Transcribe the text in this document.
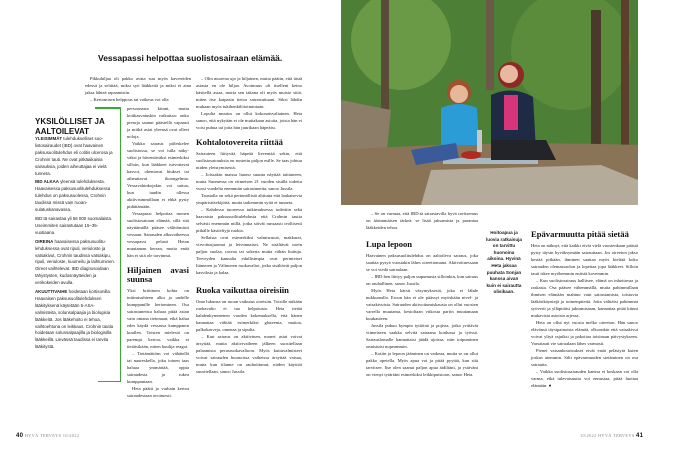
Vessapassi helpottaa suolistosairaan elämää.

Pikkuhiljaa oli pakko avata suu myös kavereiden edessä ja selittää, miksi syö lääkkeitä ja miksi ei aina jaksa lähteä rapaamisiin.

– Kertomisen helppous tai vaikeus voi olla

YKSILÖLLISET JA AALTOILEVAT

YLEISIMMÄT tulehdukselliset suolistosairaudet (IBD) ovat haavainen paksusuolitulehdus eli colitis ulcerosa ja Crohnin tauti. Ne ovat pitkäaikaisia sairauksia, joiden aiheuttajaa ei vielä tunneta.

IBD ALKAA yleensä tulehduksesta. Haavaisessa paksusuolitulehduksessa tulehdus on paksusuolessa, Crohnin taudissa missä vain ruoansulatuskanavassa.

IBD:tä sairastaa yli 56 000 suomalaista. Useimmiten sairastutaan 15–35-vuotiaana.

OIREINA haavaisessa paksusuolitulehduksessa ovat ripuli, veriuloste ja vatsakivut, Crohnin taudissa vatsakipu, ripuli, veriuloste, kuumeilu ja laihtuminen. Oireet vaihtelevat. IBD diagnosoidaan tähystysten, kudosnäytteiden ja verikokeiden avulla.

AKUUTTIVAIHE hoidetaan kortisonilla. Haavaisen paksusuolitulehduksen lääkityksenä käytetään 5-ASA-valmisteita, solunsalpaajia ja biologisia lääkkeitä. Jos lääkehoito ei tehoa, vaihtoehtona on leikkaus. Crohnin tautia hoidetaan solunsalpaajilla ja biologisilla lääkkeillä. Lievässä taudissa ei tarvita lääkitystä.

persoonasta kiinni, mutta kotikasvatuskin vaikuttaa: onko pieruja saanut päästellä vapaasti ja mitkä asiat yleensä ovat olleet noloja.

Vaikka sairaus piileskelee suolistossa, se voi tulla näkyväksi ja häventäväksi esimerkiksi silloin, kun lääkkeet turvottavat kasvot, ohentavat hiukset tai aiheuttavat ihoongelmia. Vessavahinkojakin voi sattua, kun taudin ollessa aktiivisimmillaan ei ehkä pysty pidättämään.

Vessapassi helpottaa monen suolistosairaan elämää, sillä sitä näyttämällä pääsee välittömästi vessaan. Sairauden alkuvaiheessa vessapassi pelasti Hetan muutaman kerran, mutta enää hän ei sitä ole tarvinnut.

Hiljainen avasi suunsa

Yksi kriittinen kohta on intiimisuhteen alku ja uudelle kumppanille kertominen. Osa sairastuneista haluaa pitää asian vain omana tietonaan, eikä halua edes käydä vessassa kumppanin kuullen. Toisten mielestä on parempi kertoa, vaikka ei tietäisikään, miten kuulija reagoi.

– Tietämättöm voi vähätellä tai naureskella, joku toinen taas haluaa ymmärtää, oppia sairaudesta ja tukea kumppaniaan.

Heta päätti jo varhain kertoa sairaudestaan avoimesti.

– Olin nuorena ujo ja hiljainen, mutta päätin, että tästä asiasta en ole hiljaa. Avoimuus oli itselleni keino käsitellä asiaa, mutta sen takana oli myös muisto siitä, miten itse kaipasin tietoa sairastuttuani. Siksi lähdin mukaan myös tukihenkilötoimintaan.

Lopulta muutos on ollut kokonaisvaltainen. Heta sanoo, että nykyään ei ole muitakaan asioita, joista hän ei voisi puhua tai joita hän juurikaan häpeäisi.

Kohtalotovereita riittää

Sairauteen liittyvää häpeää lieventää sekin, että suolistosairauksia on nostettu paljon esille. Se taas johtuu niiden yleistymisestä.

– Joissakin maissa huono suunta näyttää taittuneen, mutta Suomessa on viimeisen 21 vuoden sisällä todettu vuosi vuodelta enemmän sairastuneita, sanoo Jussila.

Taustalla on sekä perinnöllistä alttiutta että laukaisevia ympäristötekijöitä, mutta tarkemmin syitä ei tunneta.

– Kahdessa tuoreessa tutkimuksessa todettiin sekä haavaista paksusuolitulehdusta että Crohnin tautia selvästi enemmän niillä, jotka söivät runsaasti teollisesti pitkälle käsiteltyjä ruokia.

Sellaisia ovat esimerkiksi valmisruoat, makkarat, virvoitusjuomat ja leivonnaiset. Ne sisältävät usein paljon suolaa, rasvaa tai sokeria mutta vähän kuituja. Terveyden kannalta edullisimpia ovat perinteiset Itämeren ja Välimeren ruokavaliot, jotka sisältävät paljon kasviksia ja kalaa.

Ruoka vaikuttaa oireisiin

Oma lukunsa on ruoan vaikutus oireisiin. Toisille mikään ruokavalio ei tuo helpotusta. Heta tietää kahdenkymmenen vuoden kokemuksella, että hänen kannattaa välttää esimerkiksi gluteenia, maitoa, palkokasveja, omenaa ja sipulia.

– Kun sairaus on aktiivinen, monet asiat voivat ärsyttää, mutta aktiivivaiheen jälkeen suositellaan palaamista perusruokavalioon. Myös kuituvalmisteet voivat sairauden huonoissa vaiheissa ärsyttää vatsaa, mutta kun tilanne on rauhoittunut, niiden käyttöä suositellaan, sanoo Jussila.

40 HYVÄ TERVEYS 10/2022

– Se on varmaa, että IBD:tä sairastavilla hyvä ravitsemus on äärimmäisen tärkeä: se lisää jaksamista ja parantaa lääkkeiden tehoa.

Lupa lepoon

Haavainen paksusuolitulehdus on aaltoileva sairaus, joka saattaa pysyä vuosiakin lähes oireettomana. Aktivoituessaan se voi viedä sairaalaan.

– IBD:hen liittyy paljon uupumusta silloinkin, kun sairaus on rauhallinen, sanoo Jussila.

Myös Heta kärsii väsymyksestä, joka ei lähde nukkumalla. Eroon hän ei ole päässyt myöskään nivel- ja vatsakivuista. Sairauden aktivoitumiskausia on ollut vuosien varrella muutama, kestoltaan viikosta pariin muutamaan kuukauteen.

Jussila puhuu kympin tyttöinä ja pojista, jotka yrittävät viimeiseen saakka selvitä sairaana koulussa ja työssä. Sairauslomalle kannattaisi jäädä ajoissa, niin toipuminen onnistuisi nopeammin.

– Kotiin ja lepoon jääminen on vaikeaa, mutta se on ollut pakko opetella. Myös apua voi ja pitää pyytää, kun sitä tarvitsee. Itse olen saanut paljon apua äidiltäni, ja ystäväni on vienyt tytärtäni esimerkiksi leikkipuistoon, sanoo Heta.

Hoitoapua ja luovia ratkaisuja on tarvittu huonoina aikoina. Hyvinä Heta jaksaa puuhata Sonjan kanssa aivan kuin ei sairautta olisikaan.
Epävarmuutta pitää sietää

Heta on nähnyt, että kaikki eivät vielä vuosienkaan päästä pysty täysin hyväksymään sairauttaan. Jos oireeton jakso kestää pitkään, ihminen saattaa myös kieltää koko sairauden olemassaolon ja lopettaa jopa lääkkeet. Silloin tauti iskee myöhemmin entistä kovemmin.

– Kun suolistosairaus hallitsee, elämä on inhottavaa ja raskasta. Osa pääsee vähemmällä, mutta pahimmillaan ihmisen elämään mahtuu vain sairastamista, toistuvia lääkärikäyntejä ja toimenpiteitä. Jotta välttäisi pahimmat syöverit ja ylläpitäisi jaksamistaan, kannattaa pitää kiinni mukavista asioista arjessa.

Heta on ollut nyt vuosia melko oireeton. Hän sanoo elävänsä täysipainoista elämää, olkoonkin että vatsakivut voivat yltyä rajuiksi ja pakottaa toisinaan päivystykseen. Varsatauti vie sairaalaan lähes varmasti.

Pienet vatsankourisukset eivät enää pelästytä kuten joskus aiemmin. Silti epävarmuuden sietäminen on osa sairautta.

– Vaikka suolistosairauden kanssa ei koskaan voi olla varma, eikä tulevaisuutta voi ennustaa, pitää luottaa elämään. ●

10/2022 HYVÄ TERVEYS 41
